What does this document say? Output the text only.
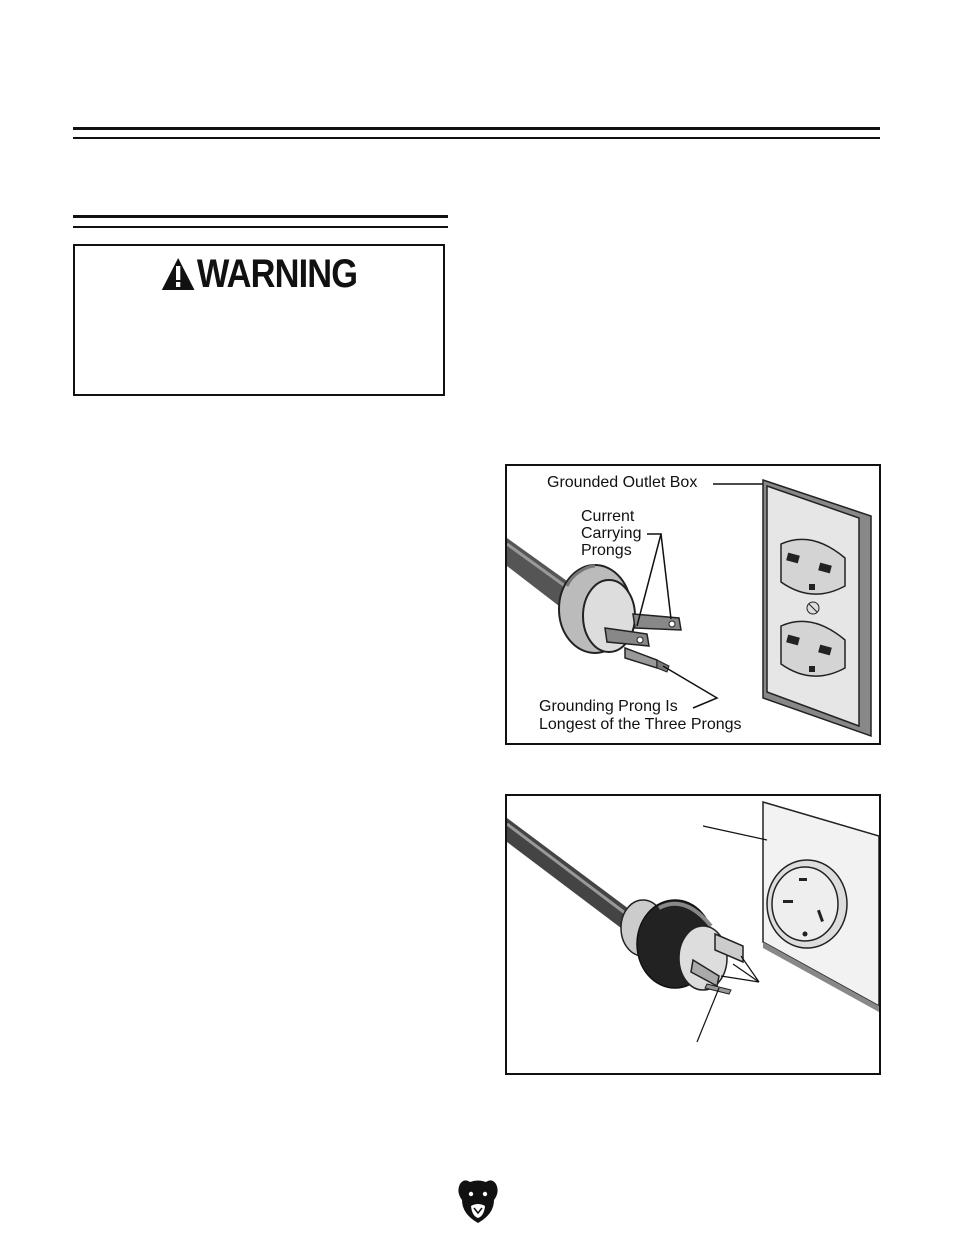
WARNING
Grounded Outlet Box
Current
Carrying
Prongs
Grounding Prong Is
Longest of the Three Prongs
